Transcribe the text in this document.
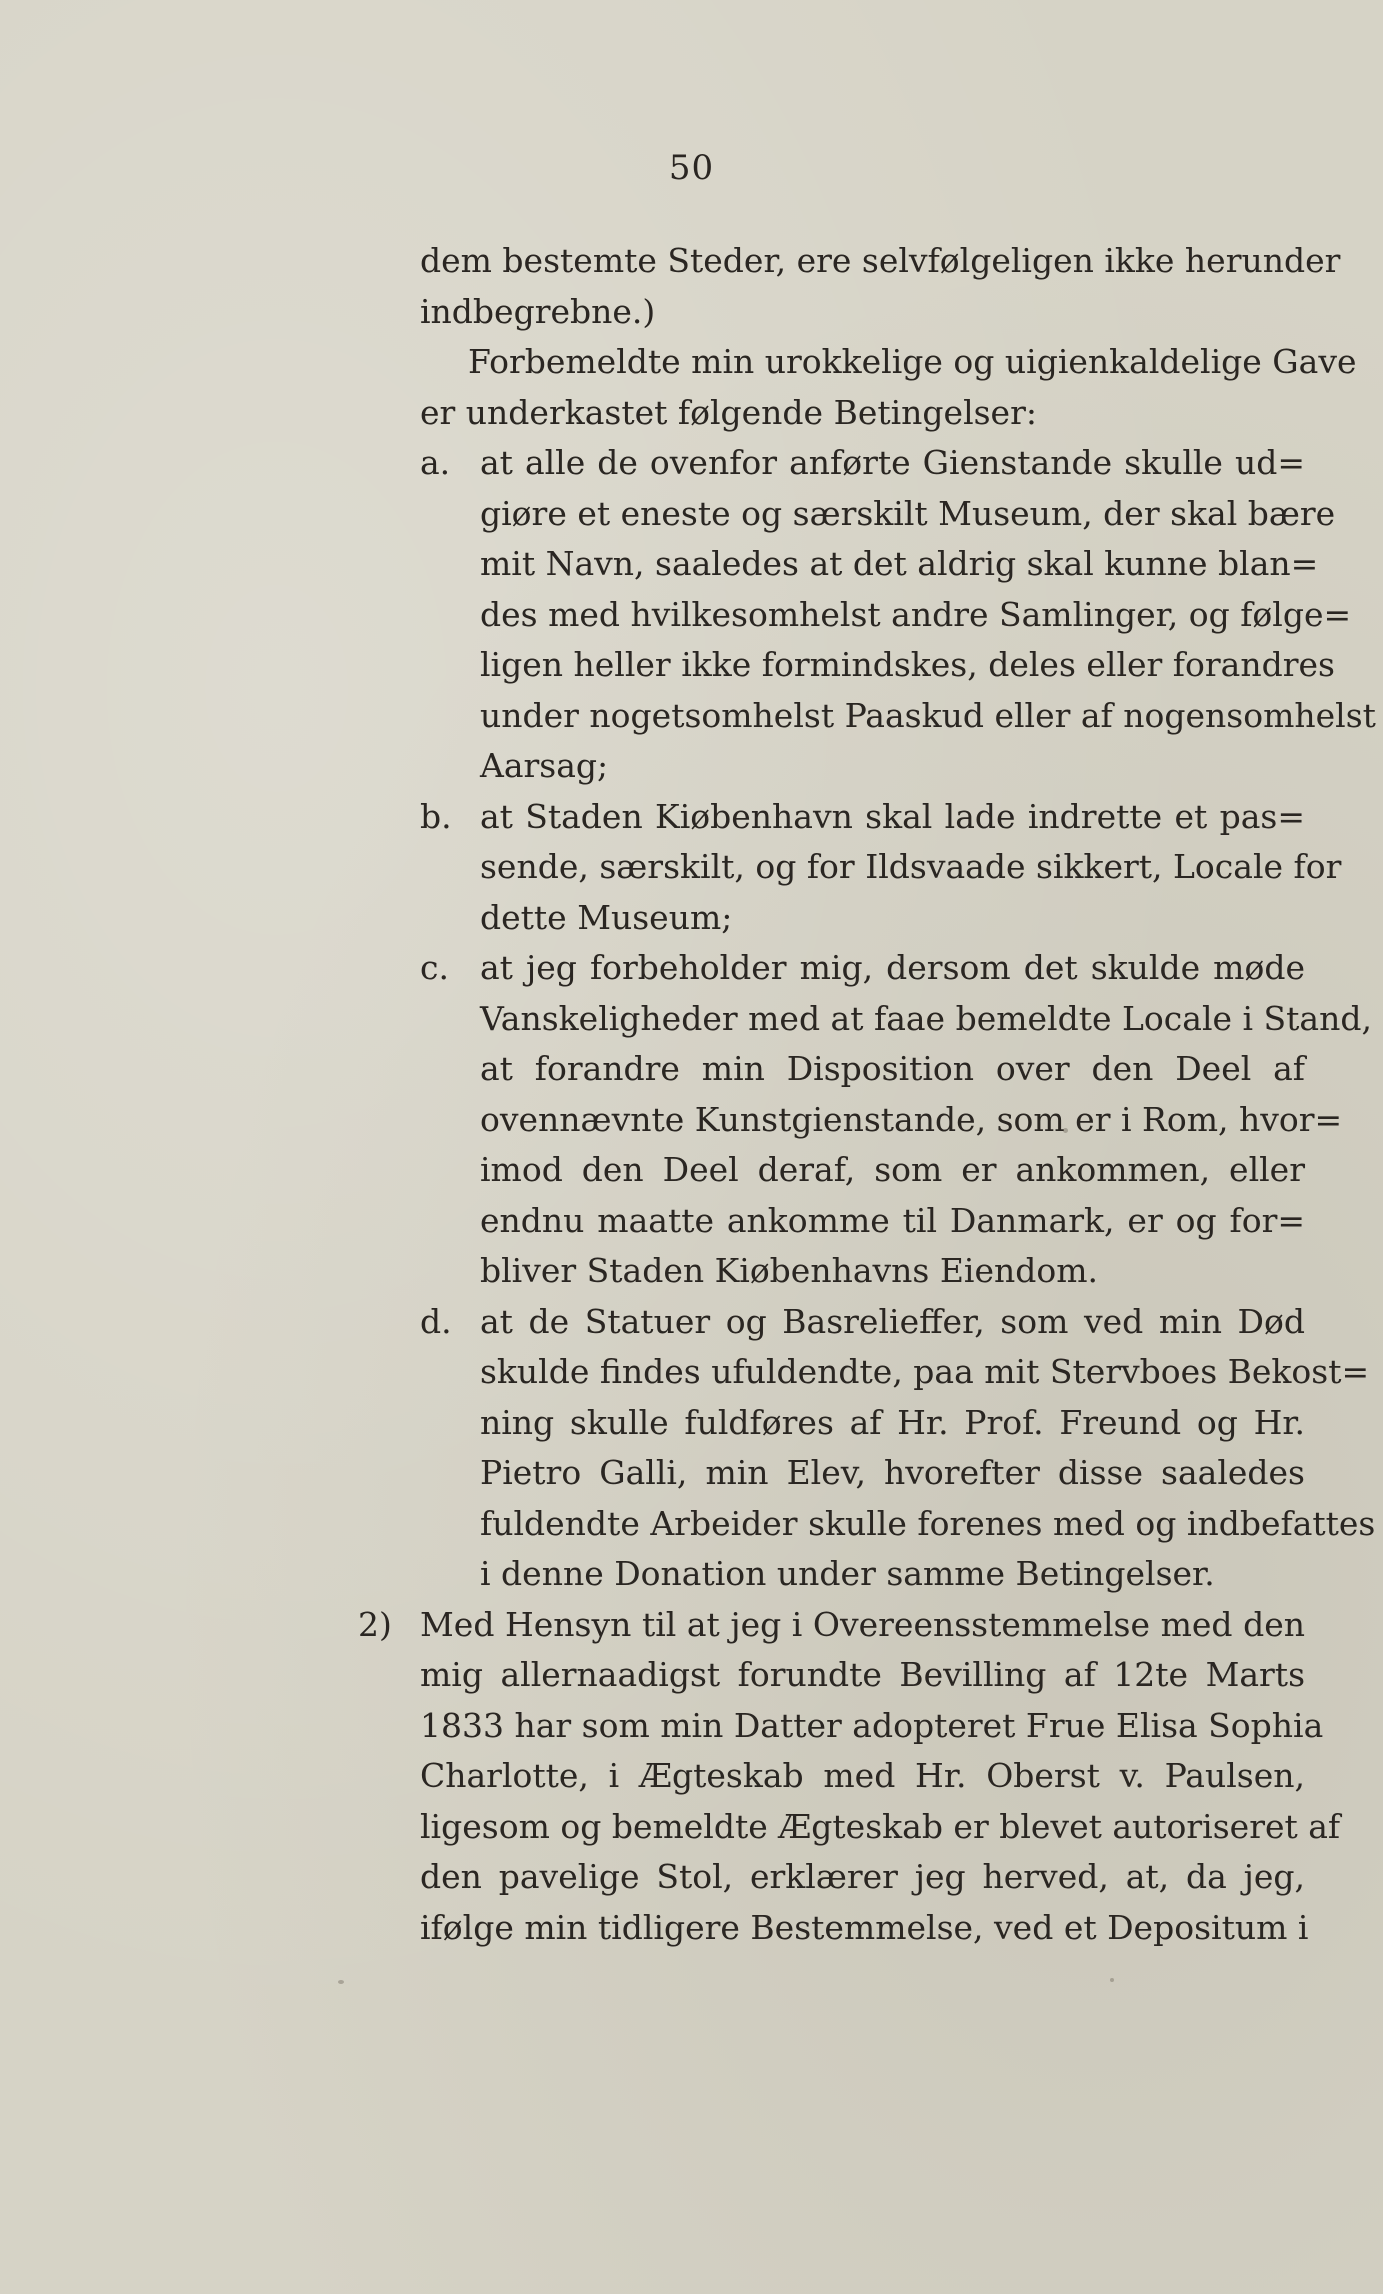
50
dem bestemte Steder, ere selvfølgeligen ikke herunder
indbegrebne.)
Forbemeldte min urokkelige og uigienkaldelige Gave
er underkastet følgende Betingelser:
a. at alle de ovenfor anførte Gienstande skulle ud=
giøre et eneste og særskilt Museum, der skal bære
mit Navn, saaledes at det aldrig skal kunne blan=
des med hvilkesomhelst andre Samlinger, og følge=
ligen heller ikke formindskes, deles eller forandres
under nogetsomhelst Paaskud eller af nogensomhelst
Aarsag;
b. at Staden Kiøbenhavn skal lade indrette et pas=
sende, særskilt, og for Ildsvaade sikkert, Locale for
dette Museum;
c. at jeg forbeholder mig, dersom det skulde møde
Vanskeligheder med at faae bemeldte Locale i Stand,
at forandre min Disposition over den Deel af
ovennævnte Kunstgienstande, som er i Rom, hvor=
imod den Deel deraf, som er ankommen, eller
endnu maatte ankomme til Danmark, er og for=
bliver Staden Kiøbenhavns Eiendom.
d. at de Statuer og Basrelieffer, som ved min Død
skulde findes ufuldendte, paa mit Stervboes Bekost=
ning skulle fuldføres af Hr. Prof. Freund og Hr.
Pietro Galli, min Elev, hvorefter disse saaledes
fuldendte Arbeider skulle forenes med og indbefattes
i denne Donation under samme Betingelser.
2) Med Hensyn til at jeg i Overeensstemmelse med den
mig allernaadigst forundte Bevilling af 12te Marts
1833 har som min Datter adopteret Frue Elisa Sophia
Charlotte, i Ægteskab med Hr. Oberst v. Paulsen,
ligesom og bemeldte Ægteskab er blevet autoriseret af
den pavelige Stol, erklærer jeg herved, at, da jeg,
ifølge min tidligere Bestemmelse, ved et Depositum i
